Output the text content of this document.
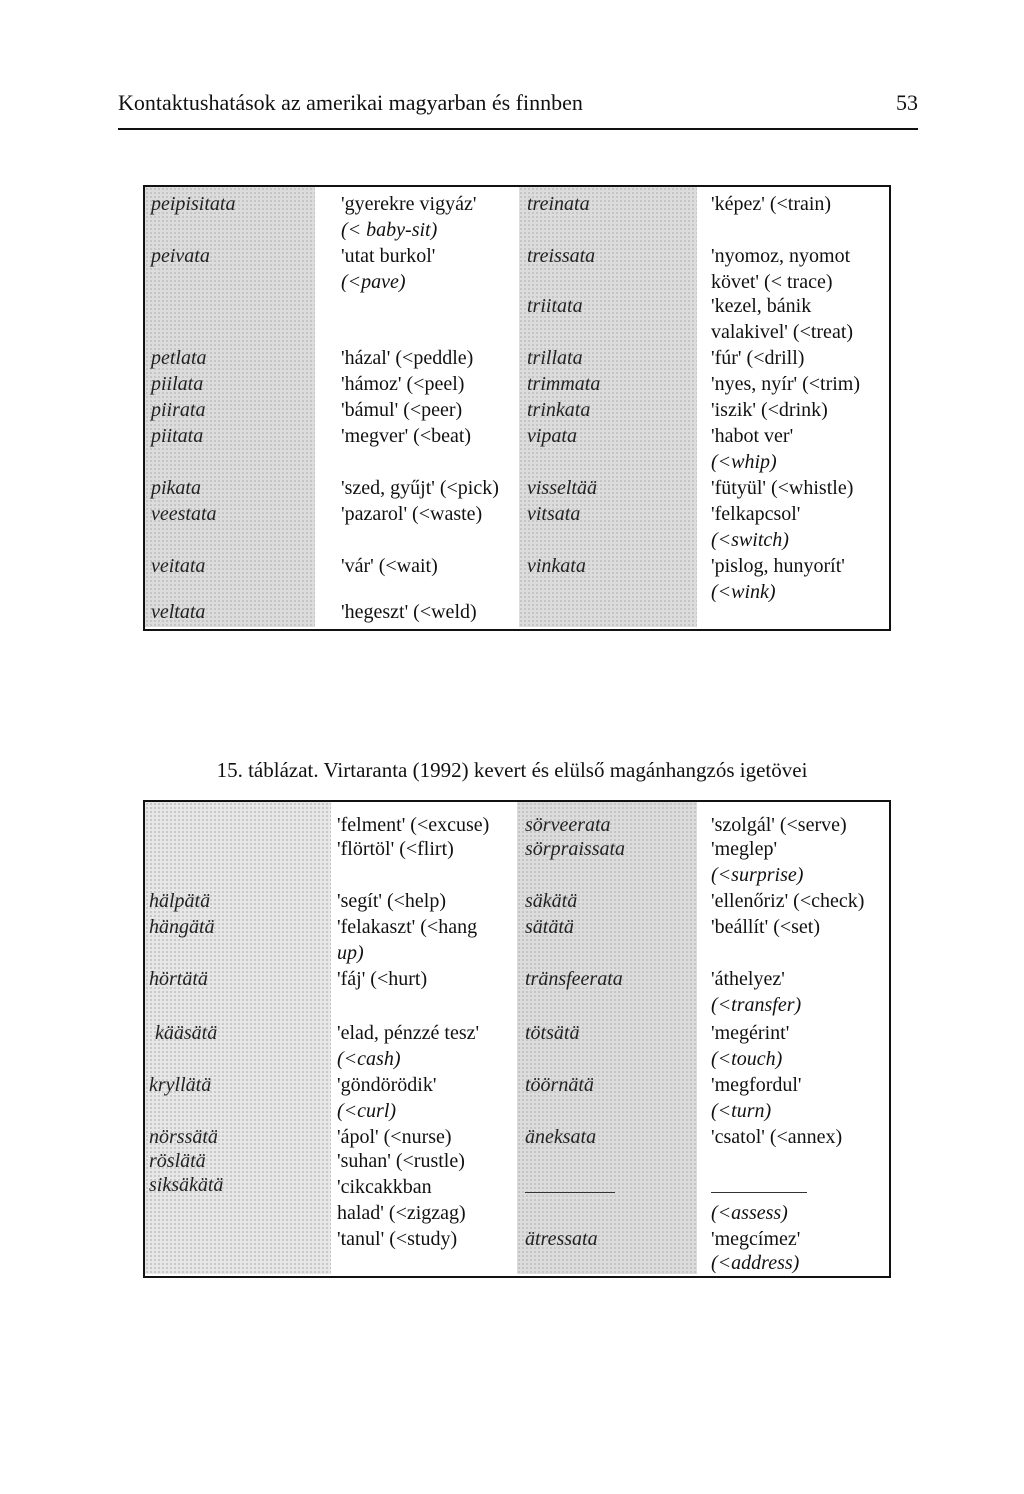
Kontaktushatások az amerikai magyarban és finnben	53
peipisitata
peivata
petlata
piilata
piirata
piitata
pikata
veestata
veitata
veltata
'gyerekre vigyáz'
(< baby-sit)
'utat burkol'
(<pave)
'házal' (<peddle)
'hámoz' (<peel)
'bámul' (<peer)
'megver' (<beat)
'szed, gyűjt' (<pick)
'pazarol' (<waste)
'vár' (<wait)
'hegeszt' (<weld)
treinata
treissata
triitata
trillata
trimmata
trinkata
vipata
visseltää
vitsata
vinkata
'képez' (<train)
'nyomoz, nyomot
követ' (< trace)
'kezel, bánik
valakivel' (<treat)
'fúr' (<drill)
'nyes, nyír' (<trim)
'iszik' (<drink)
'habot ver'
(<whip)
'fütyül' (<whistle)
'felkapcsol'
(<switch)
'pislog, hunyorít'
(<wink)
15. táblázat. Virtaranta (1992) kevert és elülső magánhangzós igetövei
hälpätä
hängätä
hörtätä
kääsätä
kryllätä
nörssätä
röslätä
siksäkätä
'felment' (<excuse)
'flörtöl' (<flirt)
'segít' (<help)
'felakaszt' (<hang
up)
'fáj' (<hurt)
'elad, pénzzé tesz'
(<cash)
'göndörödik'
(<curl)
'ápol' (<nurse)
'suhan' (<rustle)
'cikcakkban
halad' (<zigzag)
'tanul' (<study)
sörveerata
sörpraissata
säkätä
sätätä
tränsfeerata
tötsätä
töörnätä
äneksata
ätressata
'szolgál' (<serve)
'meglep'
(<surprise)
'ellenőriz' (<check)
'beállít' (<set)
'áthelyez'
(<transfer)
'megérint'
(<touch)
'megfordul'
(<turn)
'csatol' (<annex)
(<assess)
'megcímez'
(<address)
